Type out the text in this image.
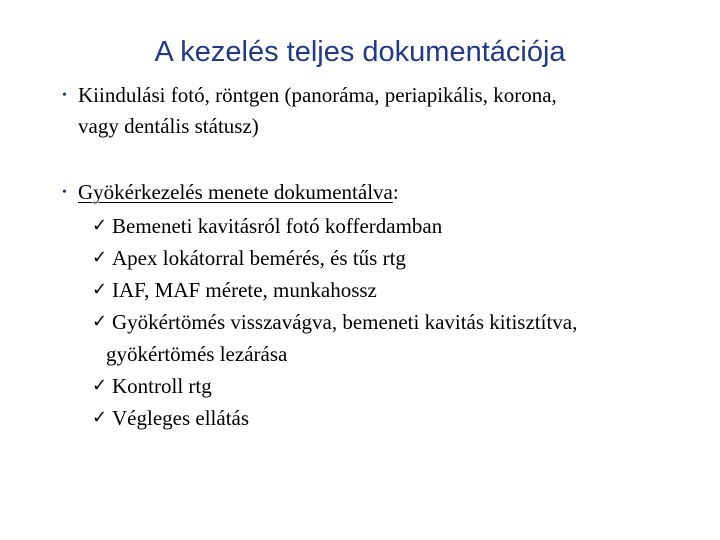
A kezelés teljes dokumentációja
• Kiindulási fotó, röntgen (panoráma, periapikális, korona,
vagy dentális státusz)
• Gyökérkezelés menete dokumentálva:
✓ Bemeneti kavitásról fotó kofferdamban
✓ Apex lokátorral bemérés, és tűs rtg
✓ IAF, MAF mérete, munkahossz
✓ Gyökértömés visszavágva, bemeneti kavitás kitisztítva,
gyökértömés lezárása
✓ Kontroll rtg
✓ Végleges ellátás
